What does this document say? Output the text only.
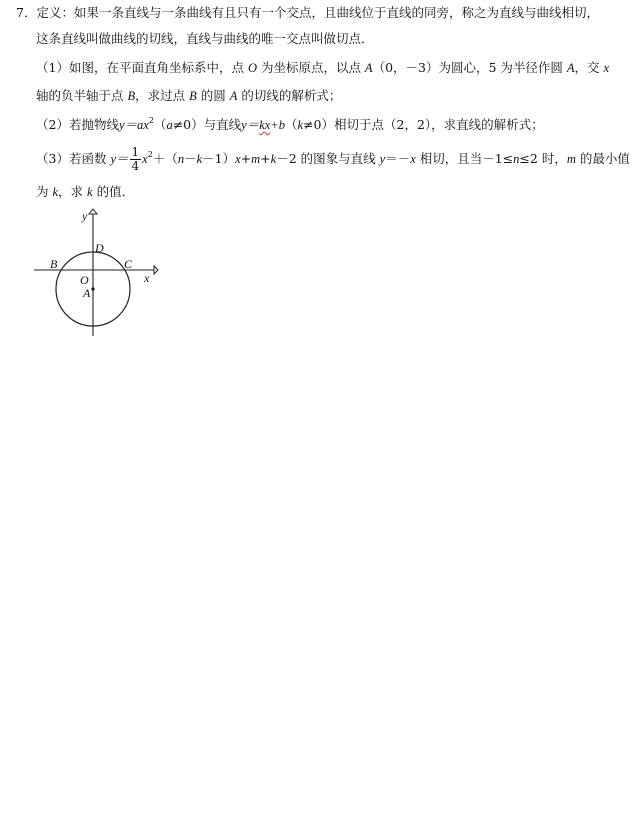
7．定义：如果一条直线与一条曲线有且只有一个交点，且曲线位于直线的同旁，称之为直线与曲线相切，
这条直线叫做曲线的切线，直线与曲线的唯一交点叫做切点．
（1）如图，在平面直角坐标系中，点 O 为坐标原点，以点 A（0，－3）为圆心，5 为半径作圆 A，交 x
轴的负半轴于点 B，求过点 B 的圆 A 的切线的解析式；
（2）若抛物线$y=ax^2(a\ne 0)$与直线y＝kx+b（k≠0）相切于点（2，2），求直线的解析式；
（3）若函数 $y= \frac{1}{4} x^2+(n-k-1)x+m+k-2$ 的图象与直线 y＝－x 相切，且当－1≤n≤2 时，m 的最小值
为 k，求 k 的值．
y
x
D
B	C
O
A
